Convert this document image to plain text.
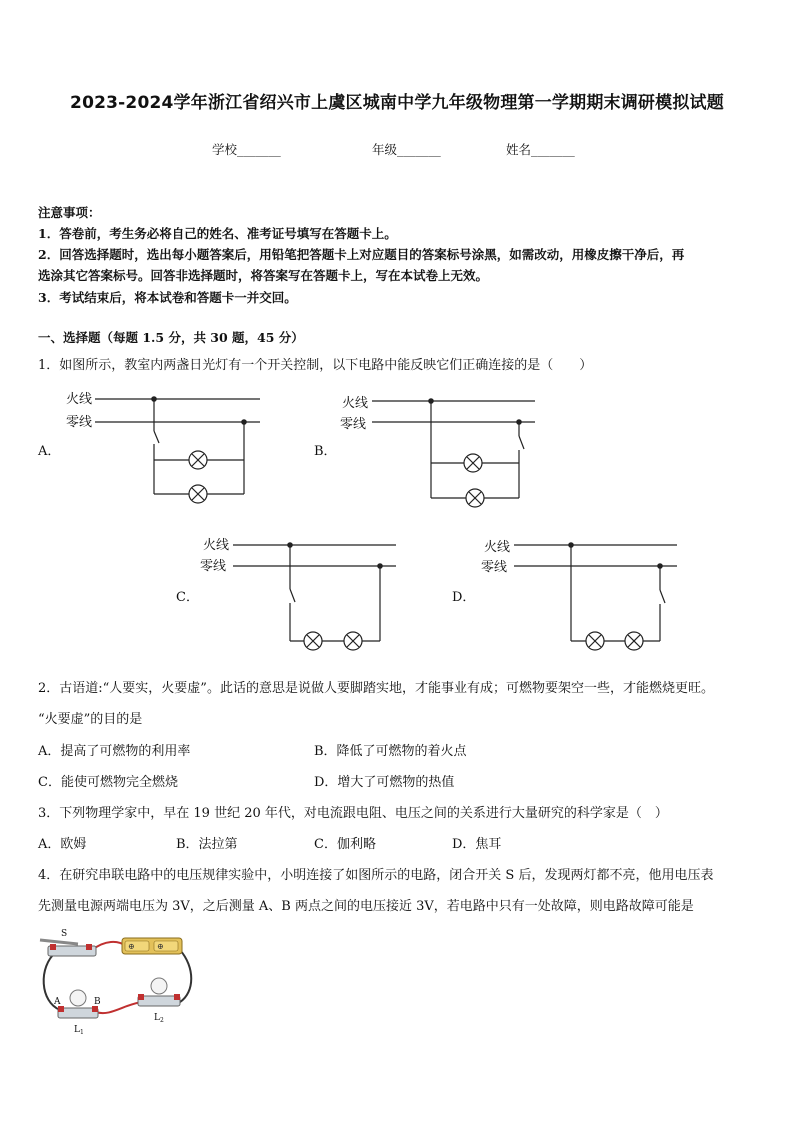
2023-2024学年浙江省绍兴市上虞区城南中学九年级物理第一学期期末调研模拟试题
学校_______	年级_______	姓名_______
注意事项：
1．答卷前，考生务必将自己的姓名、准考证号填写在答题卡上。
2．回答选择题时，选出每小题答案后，用铅笔把答题卡上对应题目的答案标号涂黑，如需改动，用橡皮擦干净后，再
选涂其它答案标号。回答非选择题时，将答案写在答题卡上，写在本试卷上无效。
3．考试结束后，将本试卷和答题卡一并交回。
一、选择题（每题 1.5 分，共 30 题，45 分）
1．如图所示，教室内两盏日光灯有一个开关控制，以下电路中能反映它们正确连接的是（　　）
火线
零线
火线
零线
火线
零线
火线
零线
A．	B．
C．	D．
2．古语道:“人要实，火要虚”。此话的意思是说做人要脚踏实地，才能事业有成；可燃物要架空一些，才能燃烧更旺。
“火要虚”的目的是
A．提高了可燃物的利用率	B．降低了可燃物的着火点
C．能使可燃物完全燃烧	D．增大了可燃物的热值
3．下列物理学家中，早在 19 世纪 20 年代，对电流跟电阻、电压之间的关系进行大量研究的科学家是（　）
A．欧姆	B．法拉第	C．伽利略	D．焦耳
4．在研究串联电路中的电压规律实验中，小明连接了如图所示的电路，闭合开关 S 后，发现两灯都不亮，他用电压表
先测量电源两端电压为 3V，之后测量 A、B 两点之间的电压接近 3V，若电路中只有一处故障，则电路故障可能是
⊕	⊕
S
A	B
$L_1$
$L_2$
